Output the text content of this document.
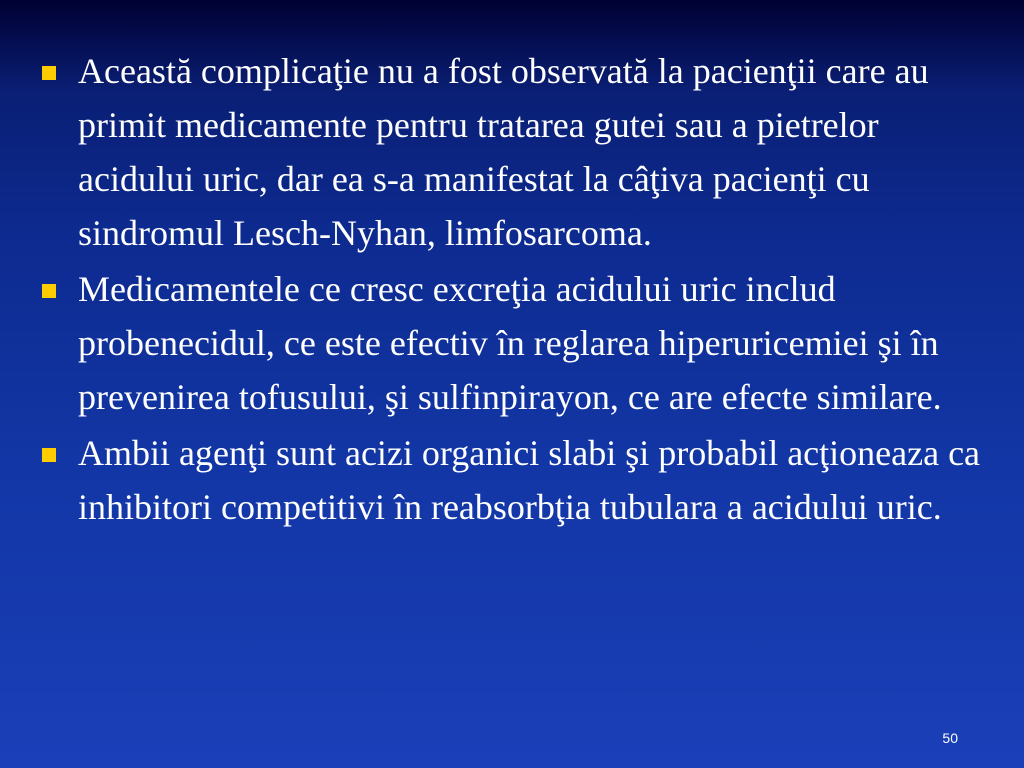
Această complicaţie nu a fost observată la pacienţii care au primit medicamente pentru tratarea gutei sau a pietrelor acidului uric, dar ea s-a manifestat la câţiva pacienţi cu sindromul Lesch-Nyhan, limfosarcoma.
Medicamentele ce cresc excreţia acidului uric includ probenecidul, ce este efectiv în reglarea hiperuricemiei şi în prevenirea tofusului, şi sulfinpirayon, ce are efecte similare.
Ambii agenţi sunt acizi organici slabi şi probabil acţioneaza ca inhibitori competitivi în reabsorbţia tubulara a acidului uric.
50
